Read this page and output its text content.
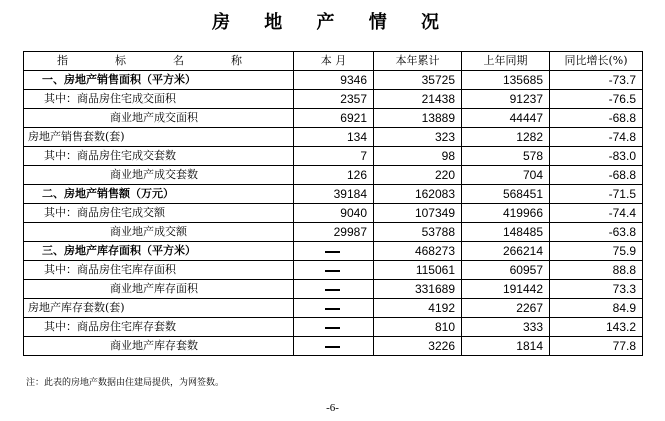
房 地 产 情 况
指　标　名　称	本 月	本年累计	上年同期	同比增长(%)
一、房地产销售面积（平方米）	9346	35725	135685	-73.7
其中：商品房住宅成交面积	2357	21438	91237	-76.5
商业地产成交面积	6921	13889	44447	-68.8
房地产销售套数(套)	134	323	1282	-74.8
其中：商品房住宅成交套数	7	98	578	-83.0
商业地产成交套数	126	220	704	-68.8
二、房地产销售额（万元）	39184	162083	568451	-71.5
其中：商品房住宅成交额	9040	107349	419966	-74.4
商业地产成交额	29987	53788	148485	-63.8
三、房地产库存面积（平方米）		468273	266214	75.9
其中：商品房住宅库存面积		115061	60957	88.8
商业地产库存面积		331689	191442	73.3
房地产库存套数(套)		4192	2267	84.9
其中：商品房住宅库存套数		810	333	143.2
商业地产库存套数		3226	1814	77.8
注：此表的房地产数据由住建局提供，为网签数。
-6-
